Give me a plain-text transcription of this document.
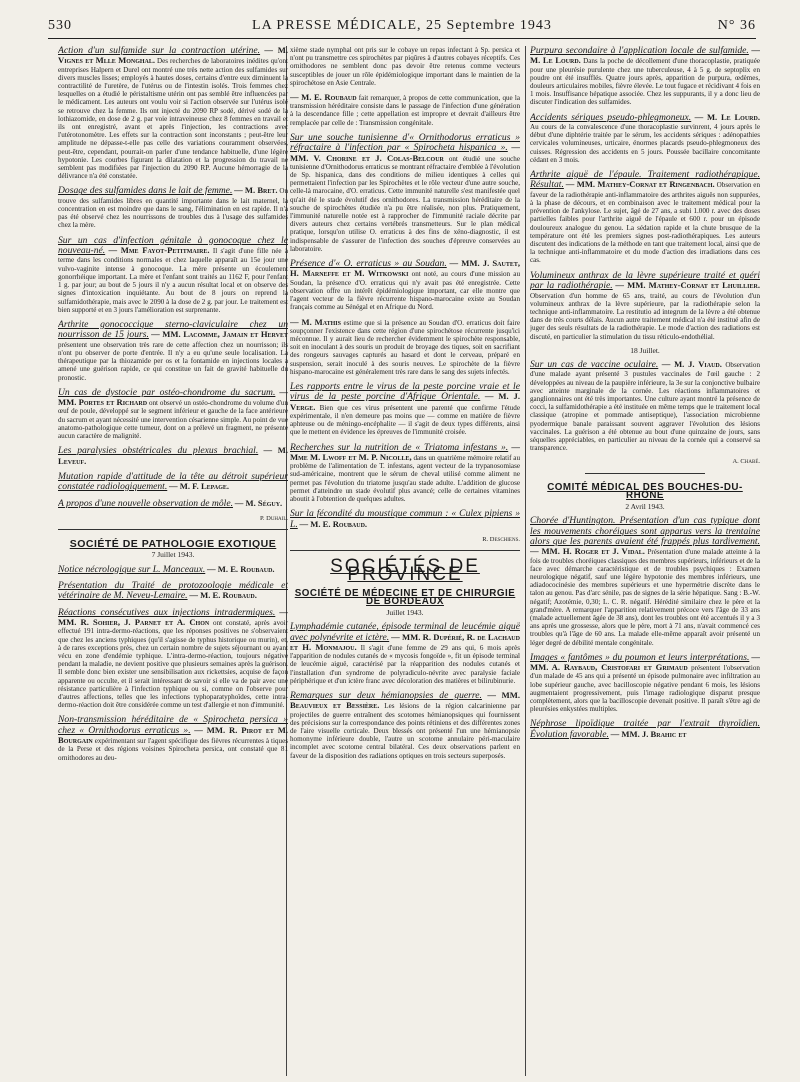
530	LA PRESSE MÉDICALE, 25 Septembre 1943	N° 36
Action d'un sulfamide sur la contraction utérine. — M. Vignes et Mlle Monghal. Des recherches de laboratoires inédites qu'ont entreprises Halpern et Durel ont montré une très nette action des sulfamides sur divers muscles lisses; employés à hautes doses, certains d'entre eux diminuent la contractilité de l'uretère, de l'utérus ou de l'intestin isolés. Trois femmes chez lesquelles on a étudié le péristaltisme utérin ont pas semblé être influencées par le médicament. Les auteurs ont voulu voir si l'action observée sur l'utérus isolé se retrouve chez la femme. Ils ont injecté du 2090 RP sodé, dérivé sodé de la lothiazomide, en dose de 2 g. par voie intraveineuse chez 8 femmes en travail et ils ont enregistré, avant et après l'injection, les contractions avec l'utérotonomètre. Les effets sur la contraction sont inconstants ; peut-être leur amplitude ne dépasse-t-elle pas celle des variations couramment observées, peut-être, cependant, pourrait-on parler d'une tendance habituelle, d'une légère hypotonie. Les courbes figurant la dilatation et la progression du travail ne semblent pas modifiées par l'injection du 2090 RP. Aucune hémorragie de la délivrance n'a été constatée.
Dosage des sulfamides dans le lait de femme. — M. Bret. On trouve des sulfamides libres en quantité importante dans le lait maternel, la concentration en est moindre que dans le sang, l'élimination en est rapide. Il n'a pas été observé chez les nourrissons de troubles dus à l'usage des sulfamides chez la mère.
Sur un cas d'infection génitale à gonocoque chez le nouveau-né. — Mme Fayot-Petitmaire. Il s'agit d'une fille née à terme dans les conditions normales et chez laquelle apparaît au 15e jour une vulvo-vaginite intense à gonocoque. La mère présente un écoulement gonorrhéique important. La mère et l'enfant sont traités au 1162 F, pour l'enfant 1 g. par jour; au bout de 5 jours il n'y a aucun résultat local et on observe des signes d'intoxication inquiétante. Au bout de 8 jours on reprend la sulfamidothérapie, mais avec le 2090 à la dose de 2 g. par jour. Le traitement est bien supporté et en 3 jours l'amélioration est surprenante.
Arthrite gonococcique sterno-claviculaire chez un nourrisson de 15 jours. — MM. Lacomme, Jamain et Hervet présentent une observation très rare de cette affection chez un nourrisson; ils n'ont pu observer de porte d'entrée. Il n'y a eu qu'une seule localisation. La thérapeutique par la thiozamide per os et la fontamide en injections locales a amené une guérison rapide, ce qui constitue un fait de gravité habituelle du pronostic.
Un cas de dystocie par ostéo-chondrome du sacrum. — MM. Portes et Richard ont observé un ostéo-chondrome du volume d'un œuf de poule, développé sur le segment inférieur et gauche de la face antérieure du sacrum et ayant nécessité une intervention césarienne simple. Au point de vue anatomo-pathologique cette tumeur, dont on a prélevé un fragment, ne présente aucun caractère de malignité.
Les paralysies obstétricales du plexus brachial. — M. Leveuf.
Mutation rapide d'attitude de la tête au détroit supérieur constatée radiologiquement. — M. F. Lepage.
A propos d'une nouvelle observation de môle. — M. Séguy.
P. Duhail.
SOCIÉTÉ DE PATHOLOGIE EXOTIQUE
7 Juillet 1943.
Notice nécrologique sur L. Manceaux. — M. E. Roubaud.
Présentation du Traité de protozoologie médicale et vétérinaire de M. Neveu-Lemaire. — M. E. Roubaud.
Réactions consécutives aux injections intradermiques. — MM. R. Sohier, J. Parnet et A. Chon ont constaté, après avoir effectué 191 intra-dermo-réactions, que les réponses positives ne s'observaient que chez les anciens typhiques (qu'il s'agisse de typhus historique ou murin), et, à de rares exceptions près, chez un certain nombre de sujets séjournant ou ayant vécu en zone d'endémie typhique. L'intra-dermo-réaction, toujours négative pendant la maladie, ne devient positive que plusieurs semaines après la guérison. Il semble donc bien exister une sensibilisation aux rickettsies, acquise de façon apparente ou occulte, et il serait intéressant de savoir si elle va de pair avec une résistance particulière à l'infection typhique ou si, comme on l'observe pour d'autres affections, telles que les infections typhoparatyphoïdes, cette intra-dermo-réaction doit être considérée comme un test d'allergie et non d'immunité.
Non-transmission héréditaire de « Spirocheta persica » chez « Ornithodorus erraticus ». — MM. R. Pirot et M. Bourgain expérimentant sur l'agent spécifique des fièvres récurrentes à tiques de la Perse et des régions voisines Spirocheta persica, ont constaté que 81 ornithodores au deu-
xième stade nymphal ont pris sur le cobaye un repas infectant à Sp. persica et n'ont pu transmettre ces spirochètes par piqûres à d'autres cobayes réceptifs. Ces ornithodores ne semblent donc pas devoir être retenus comme vecteurs susceptibles de jouer un rôle épidémiologique important dans le maintien de la spirochétose en Asie Centrale.
— M. E. Roubaud fait remarquer, à propos de cette communication, que la transmission héréditaire consiste dans le passage de l'infection d'une génération à la descendance fille ; cette appellation est impropre et devrait d'ailleurs être remplacée par celle de : Transmission congénitale.
Sur une souche tunisienne d'« Ornithodorus erraticus » réfractaire à l'infection par « Spirocheta hispanica ». — MM. V. Chorine et J. Colas-Belcour ont étudié une souche tunisienne d'Ornithodorus erraticus se montrant réfractaire d'emblée à l'évolution de Sp. hispanica, dans des conditions de milieu identiques à celles qui permettaient l'infection par les Spirochètes et le rôle vecteur d'une autre souche, celle-là marocaine, d'O. erraticus. Cette immunité naturelle s'est manifestée quel qu'ait été le stade évolutif des ornithodores. La transmission héréditaire de la souche de spirochètes étudiée n'a pu être réalisée, non plus. Pratiquement, l'immunité naturelle notée est à rapprocher de l'immunité raciale décrite par divers auteurs chez certains vertébrés transmetteurs. Sur le plan médical pratique, lorsqu'on utilise O. erraticus à des fins de xéno-diagnostic, il est indispensable de s'assurer de l'infection des souches d'épreuve conservées au laboratoire.
Présence d'« O. erraticus » au Soudan. — MM. J. Sautet, H. Marneffe et M. Witkowski ont noté, au cours d'une mission au Soudan, la présence d'O. erraticus qui n'y avait pas été enregistrée. Cette observation offre un intérêt épidémiologique important, car elle montre que l'agent vecteur de la fièvre récurrente hispano-marocaine existe au Soudan français comme au Sénégal et en Afrique du Nord.
— M. Mathis estime que si la présence au Soudan d'O. erraticus doit faire soupçonner l'existence dans cette région d'une spirochétose récurrente jusqu'ici méconnue. Il y aurait lieu de rechercher évidemment le spirochète responsable, soit en inoculant à des souris un produit de broyage des tiques, soit en sacrifiant des rongeurs sauvages capturés au hasard et dont le cerveau, préparé en suspension, serait inoculé à des souris neuves. Le spirochète de la fièvre hispano-marocaine est généralement très rare dans le sang des sujets infectés.
Les rapports entre le virus de la peste porcine vraie et le virus de la peste porcine d'Afrique Orientale. — M. J. Verge. Bien que ces virus présentent une parenté que confirme l'étude expérimentale, il n'en demeure pas moins que — comme en matière de fièvre aphteuse ou de méningo-encéphalite — il s'agit de deux types différents, ainsi que le mettent en évidence les épreuves de l'immunité croisée.
Recherches sur la nutrition de « Triatoma infestans ». — Mme M. Lwoff et M. P. Nicolle, dans un quatrième mémoire relatif au problème de l'alimentation de T. infestans, agent vecteur de la trypanosomiase sud-américaine, montrent que le sérum de cheval utilisé comme aliment ne permet pas l'évolution du triatome jusqu'au stade adulte. L'addition de glucose permet d'atteindre un stade évolutif plus avancé; celle de certaines vitamines aboutit à l'obtention de quelques adultes.
Sur la fécondité du moustique commun : « Culex pipiens » L. — M. E. Roubaud.
R. Deschiens.
SOCIÉTÉS DE PROVINCE
SOCIÉTÉ DE MÉDECINE ET DE CHIRURGIE DE BORDEAUX
Juillet 1943.
Lymphadémie cutanée, épisode terminal de leucémie aiguë avec polynévrite et ictère. — MM. R. Dupérié, R. de Lachaud et H. Monmajou. Il s'agit d'une femme de 29 ans qui, 6 mois après l'apparition de nodules cutanés de « mycosis fongoïde », fit un épisode terminal de leucémie aiguë, caractérisé par la réapparition des nodules cutanés et l'installation d'un syndrome de polyradiculo-névrite avec paralysie faciale périphérique et d'un ictère franc avec décoloration des matières et bilirubinurie.
Remarques sur deux hémianopsies de guerre. — MM. Beauvieux et Bessière. Les lésions de la région calcarinienne par projectiles de guerre entraînent des scotomes hémianopsiques qui fournissent des précisions sur la correspondance des points rétiniens et des différentes zones de l'aire visuelle corticale. Deux blessés ont présenté l'un une hémianopsie homonyme inférieure double, l'autre un scotome annulaire péri-maculaire incomplet avec scotome central bilatéral. Ces deux observations parlent en faveur de la disposition des radiations optiques en trois secteurs superposés.
Purpura secondaire à l'application locale de sulfamide. — M. Le Lourd. Dans la poche de décollement d'une thoracoplastie, pratiquée pour une pleurésie purulente chez une tuberculeuse, 4 à 5 g. de septoplix en poudre ont été insufflés. Quatre jours après, apparition de purpura, œdèmes, douleurs articulaires mobiles, fièvre élevée. Le tout fugace et récidivant 4 fois en 1 mois. Insuffisance hépatique associée. Chez les suppurants, il y a donc lieu de discuter l'indication des sulfamides.
Accidents sériques pseudo-phlegmoneux. — M. Le Lourd. Au cours de la convalescence d'une thoracoplastie survinrent, 4 jours après le début d'une diphtérie traitée par le sérum, les accidents sériques : adénopathies cervicales volumineuses, urticaire, énormes placards pseudo-phlegmoneux des cuisses. Régression des accidents en 5 jours. Poussée bacillaire concomitante cédant en 3 mois.
Arthrite aiguë de l'épaule. Traitement radiothérapique. Résultat. — MM. Mathey-Cornat et Ringenbach. Observation en faveur de la radiothérapie anti-inflammatoire des arthrites aiguës non suppurées, à la phase de décours, et en combinaison avec le traitement médical pour la prévention de l'ankylose. Le sujet, âgé de 27 ans, a subi 1.000 r. avec des doses partielles faibles pour l'arthrite aiguë de l'épaule et 600 r. pour un épisode douloureux analogue du genou. La sédation rapide et la chute brusque de la température ont été les premiers signes post-radiothérapiques. Les auteurs discutent des indications de la méthode en tant que traitement local, ainsi que de la technique anti-inflammatoire et du mode d'action des irradiations dans ces cas.
Volumineux anthrax de la lèvre supérieure traité et guéri par la radiothérapie. — MM. Mathey-Cornat et Lhuillier. Observation d'un homme de 65 ans, traité, au cours de l'évolution d'un volumineux anthrax de la lèvre supérieure, par la radiothérapie selon la technique anti-inflammatoire. La restitutio ad integrum de la lèvre a été obtenue dans de très courts délais. Aucun autre traitement médical n'a été institué afin de juger des seuls résultats de la radiothérapie. Le mode d'action des radiations est discuté, en particulier la stimulation du tissu réticulo-endothélial.
18 Juillet.
Sur un cas de vaccine oculaire. — M. J. Viaud. Observation d'une malade ayant présenté 3 pustules vaccinales de l'œil gauche : 2 développées au niveau de la paupière inférieure, la 3e sur la conjonctive bulbaire avec atteinte marginale de la cornée. Les réactions inflammatoires et ganglionnaires ont été très importantes. Une culture ayant montré la présence de cocci, la sulfamidothérapie a été instituée en même temps que le traitement local classique (atropine et pommade antiseptique), l'association microbienne pyodermique banale paraissant souvent aggraver l'évolution des lésions vaccinales. La guérison a été obtenue au bout d'une quinzaine de jours, sans séquelles appréciables, en particulier au niveau de la cornée qui a conservé sa transparence.
A. Chabé.
COMITÉ MÉDICAL DES BOUCHES-DU-RHÔNE
2 Avril 1943.
Chorée d'Huntington. Présentation d'un cas typique dont les mouvements choréiques sont apparus vers la trentaine alors que les parents avaient été frappés plus tardivement. — MM. H. Roger et J. Vidal. Présentation d'une malade atteinte à la fois de troubles choréiques classiques des membres supérieurs, inférieurs et de la face avec démarche caractéristique et de troubles psychiques : Examen neurologique négatif, sauf une légère hypotonie des membres inférieurs, une adiadococinésie des membres supérieurs et une hypermétrie discrète dans le talon au genou. Pas d'arc sénile, pas de signes de la série hépatique. Sang : B.-W. négatif; Azotémie, 0,30; L. C. R. négatif. Hérédité similaire chez le père et la grand'mère. A remarquer l'apparition relativement précoce vers l'âge de 33 ans (malade actuellement âgée de 38 ans), dont les troubles ont été accentués il y a 3 ans après une grossesse, alors que le père, mort à 71 ans, n'avait commencé ces troubles qu'à l'âge de 60 ans. La malade elle-même apparaît avoir présenté un léger degré de débilité mentale congénitale.
Images « fantômes » du poumon et leurs interprétations. — MM. A. Raybaud, Cristofari et Grimaud présentent l'observation d'un malade de 45 ans qui a présenté un épisode pulmonaire avec infiltration au lobe supérieur gauche, avec bacilloscopie négative pendant 6 mois, les lésions augmentaient progressivement, puis l'image radiologique disparut presque complètement, alors que la bacilloscopie devenait positive. Il paraît s'être agi de pleurésies enkystées multiples.
Néphrose lipoïdique traitée par l'extrait thyroïdien. Évolution favorable. — MM. J. Brahic et
